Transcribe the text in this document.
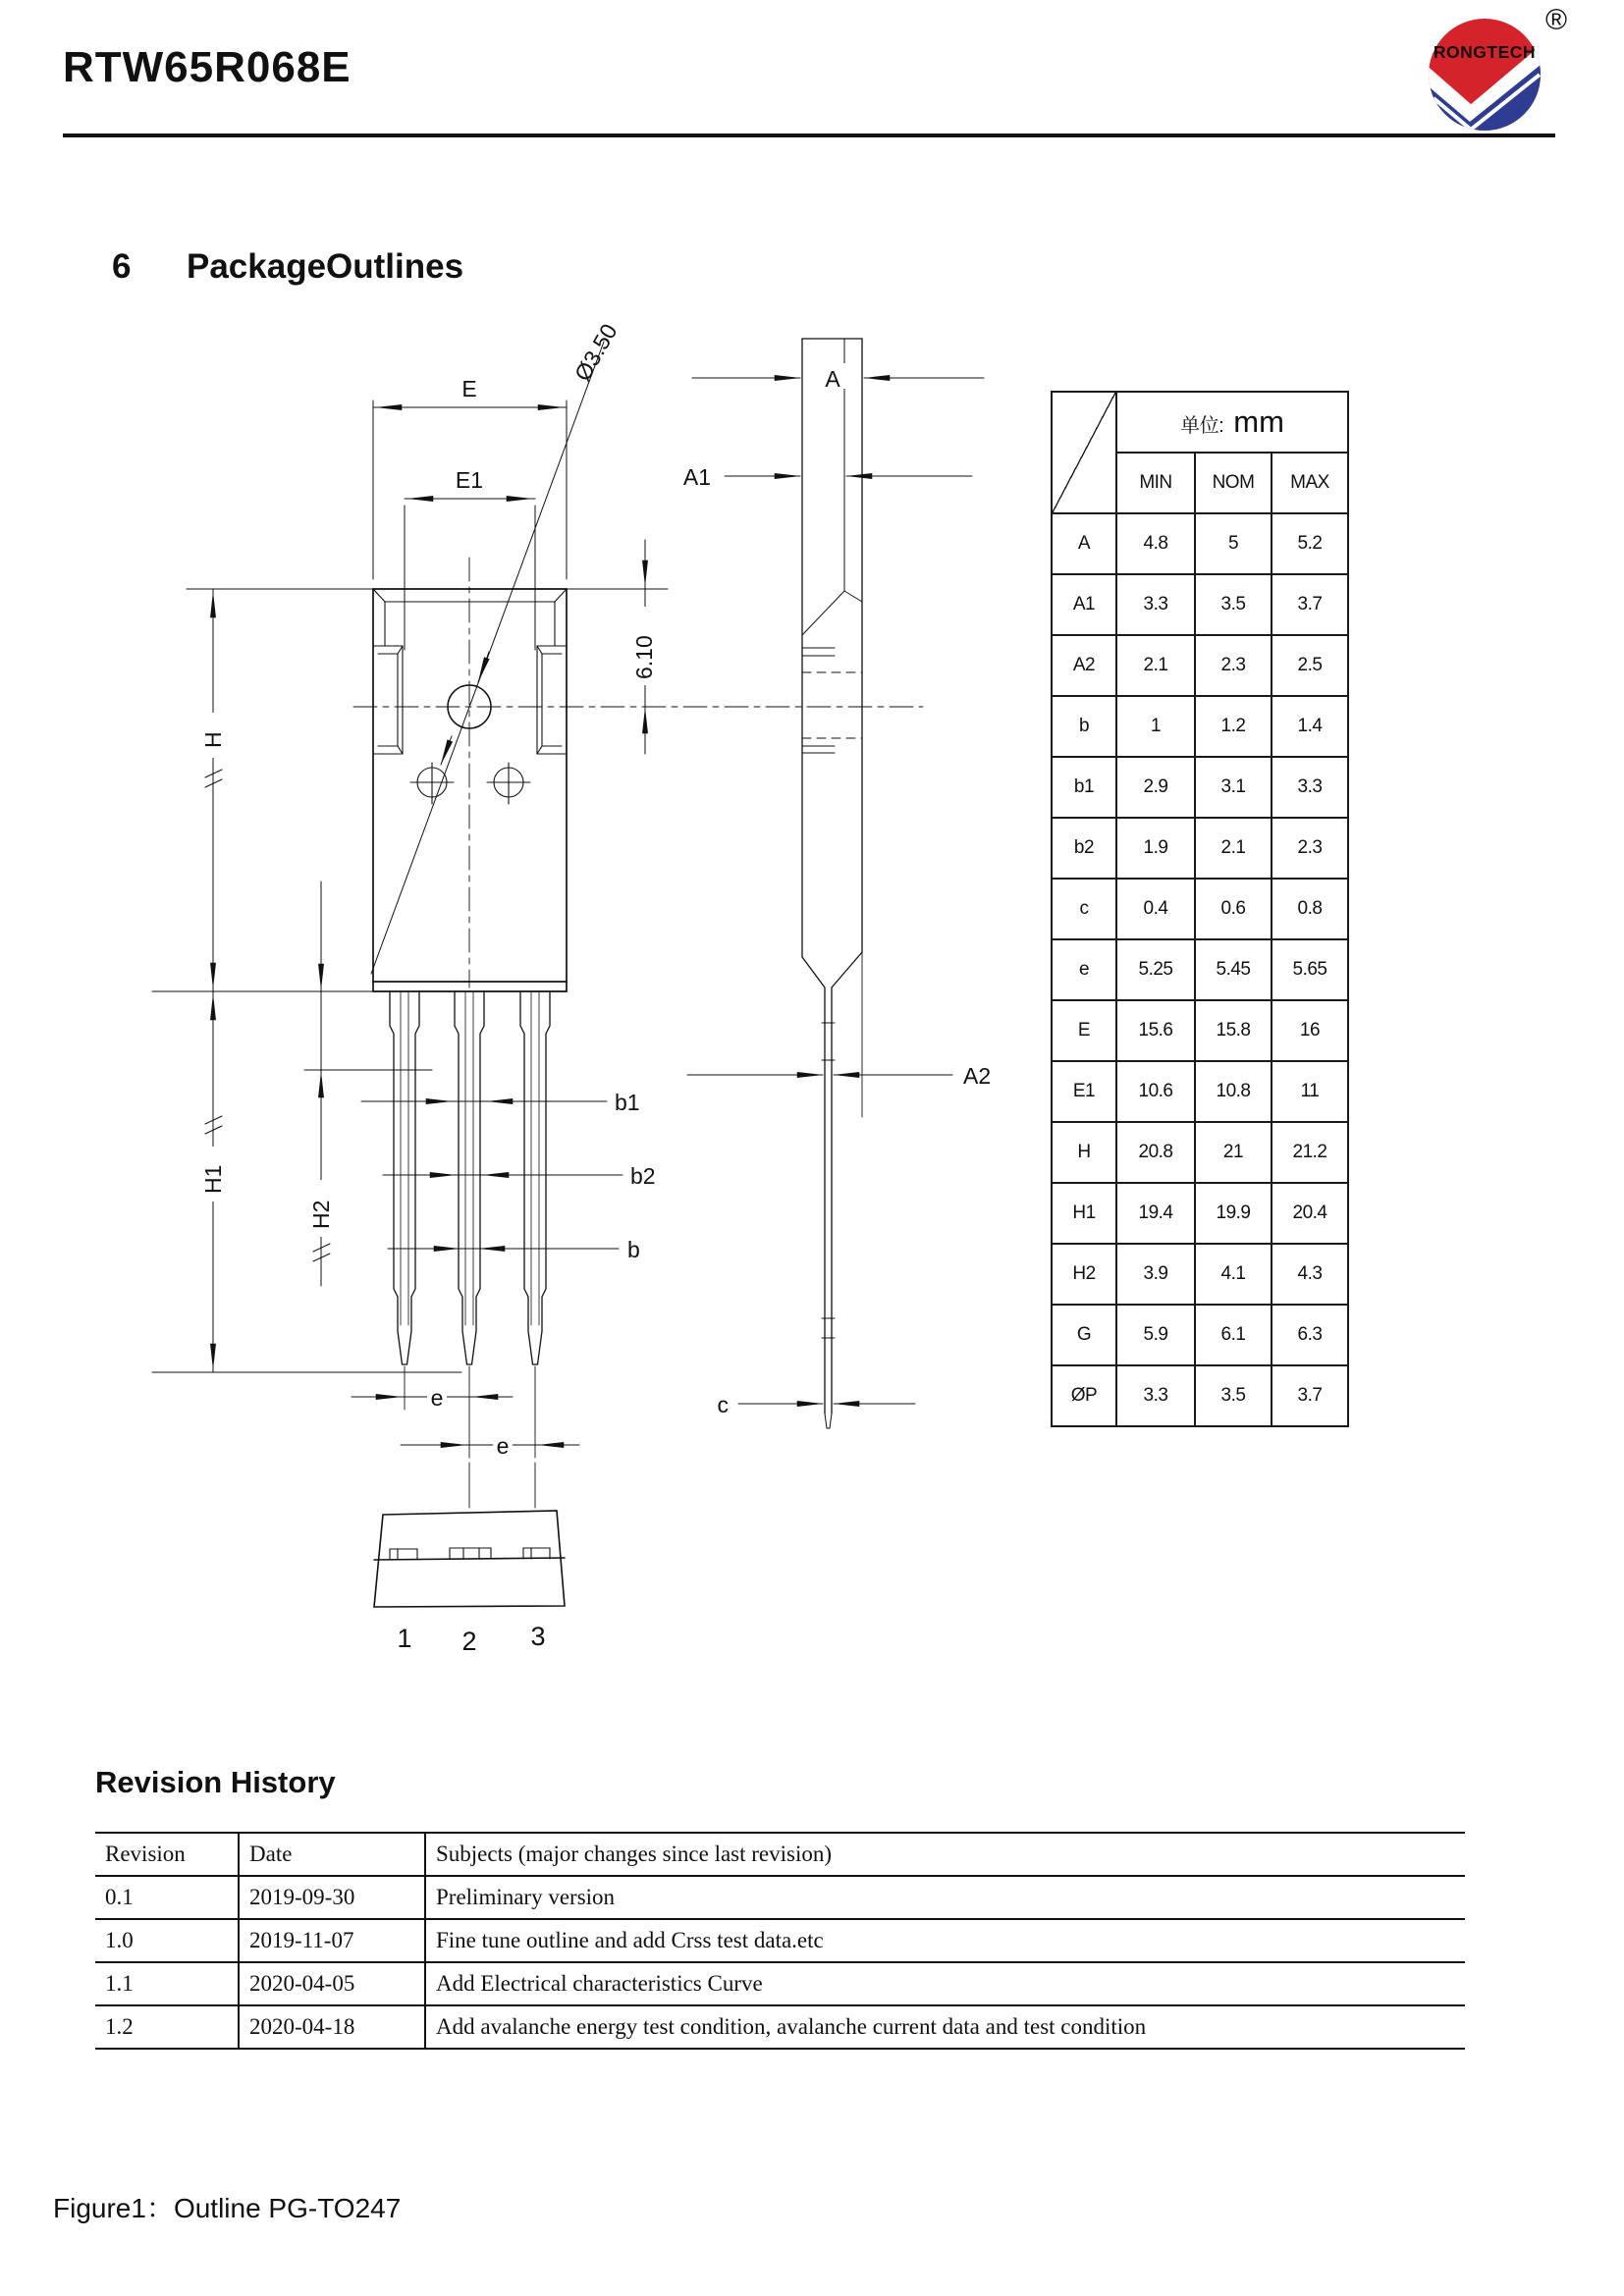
RTW65R068E	RONGTECH
®
6 PackageOutlines
E
E1
Ø3.50
6.10
H
H1
H2
b1
b2
b
e
e
A
A1
A2
c
1 2 3
	单位: mm		
	MIN	NOM	MAX
A	4.8	5	5.2
A1	3.3	3.5	3.7
A2	2.1	2.3	2.5
b	1	1.2	1.4
b1	2.9	3.1	3.3
b2	1.9	2.1	2.3
c	0.4	0.6	0.8
e	5.25	5.45	5.65
E	15.6	15.8	16
E1	10.6	10.8	11
H	20.8	21	21.2
H1	19.4	19.9	20.4
H2	3.9	4.1	4.3
G	5.9	6.1	6.3
ØP	3.3	3.5	3.7
Revision History
Revision	Date	Subjects (major changes since last revision)
0.1	2019-09-30	Preliminary version
1.0	2019-11-07	Fine tune outline and add Crss test data.etc
1.1	2020-04-05	Add Electrical characteristics Curve
1.2	2020-04-18	Add avalanche energy test condition, avalanche current data and test condition
Figure1：Outline PG-TO247
